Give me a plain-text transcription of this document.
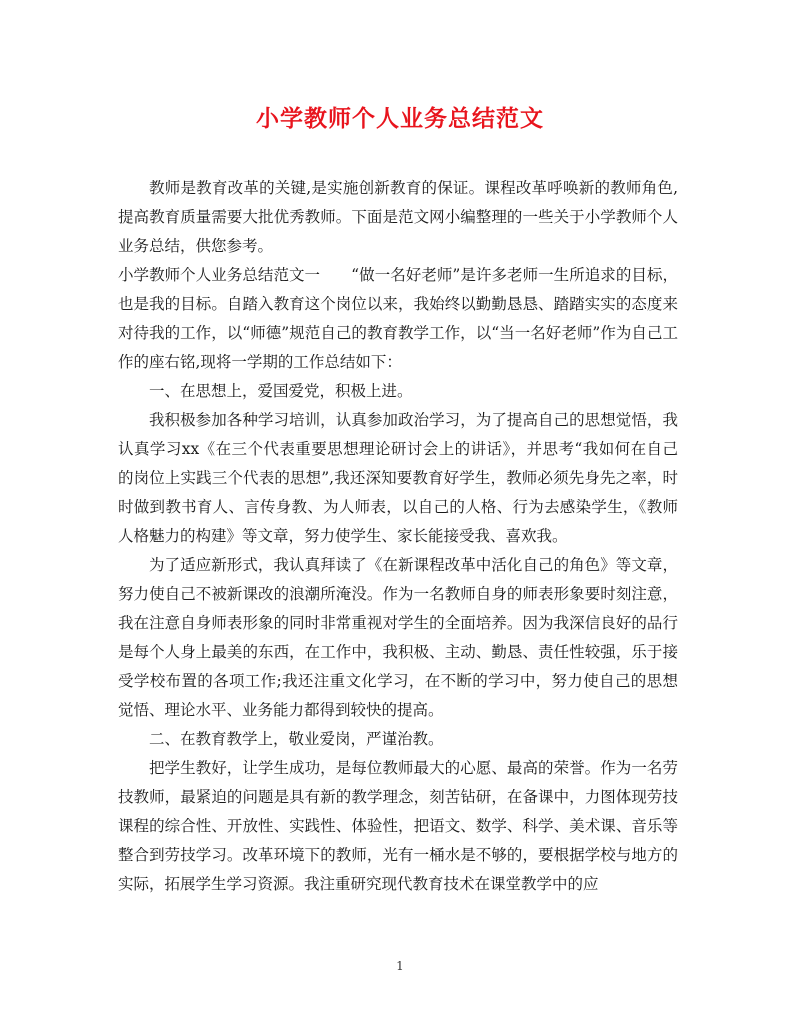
小学教师个人业务总结范文

教师是教育改革的关键,是实施创新教育的保证。课程改革呼唤新的教师角色,提高教育质量需要大批优秀教师。下面是范文网小编整理的一些关于小学教师个人业务总结，供您参考。

小学教师个人业务总结范文一　　“做一名好老师”是许多老师一生所追求的目标，也是我的目标。自踏入教育这个岗位以来，我始终以勤勤恳恳、踏踏实实的态度来对待我的工作，以“师德”规范自己的教育教学工作，以“当一名好老师”作为自己工作的座右铭,现将一学期的工作总结如下：

一、在思想上，爱国爱党，积极上进。

我积极参加各种学习培训，认真参加政治学习，为了提高自己的思想觉悟，我认真学习xx《在三个代表重要思想理论研讨会上的讲话》，并思考“我如何在自己的岗位上实践三个代表的思想”,我还深知要教育好学生，教师必须先身先之率，时时做到教书育人、言传身教、为人师表，以自己的人格、行为去感染学生，《教师人格魅力的构建》等文章，努力使学生、家长能接受我、喜欢我。

为了适应新形式，我认真拜读了《在新课程改革中活化自己的角色》等文章，努力使自己不被新课改的浪潮所淹没。作为一名教师自身的师表形象要时刻注意，我在注意自身师表形象的同时非常重视对学生的全面培养。因为我深信良好的品行是每个人身上最美的东西，在工作中，我积极、主动、勤恳、责任性较强，乐于接受学校布置的各项工作;我还注重文化学习，在不断的学习中，努力使自己的思想觉悟、理论水平、业务能力都得到较快的提高。

二、在教育教学上，敬业爱岗，严谨治教。

把学生教好，让学生成功，是每位教师最大的心愿、最高的荣誉。作为一名劳技教师，最紧迫的问题是具有新的教学理念，刻苦钻研，在备课中，力图体现劳技课程的综合性、开放性、实践性、体验性，把语文、数学、科学、美术课、音乐等整合到劳技学习。改革环境下的教师，光有一桶水是不够的，要根据学校与地方的实际，拓展学生学习资源。我注重研究现代教育技术在课堂教学中的应

1
